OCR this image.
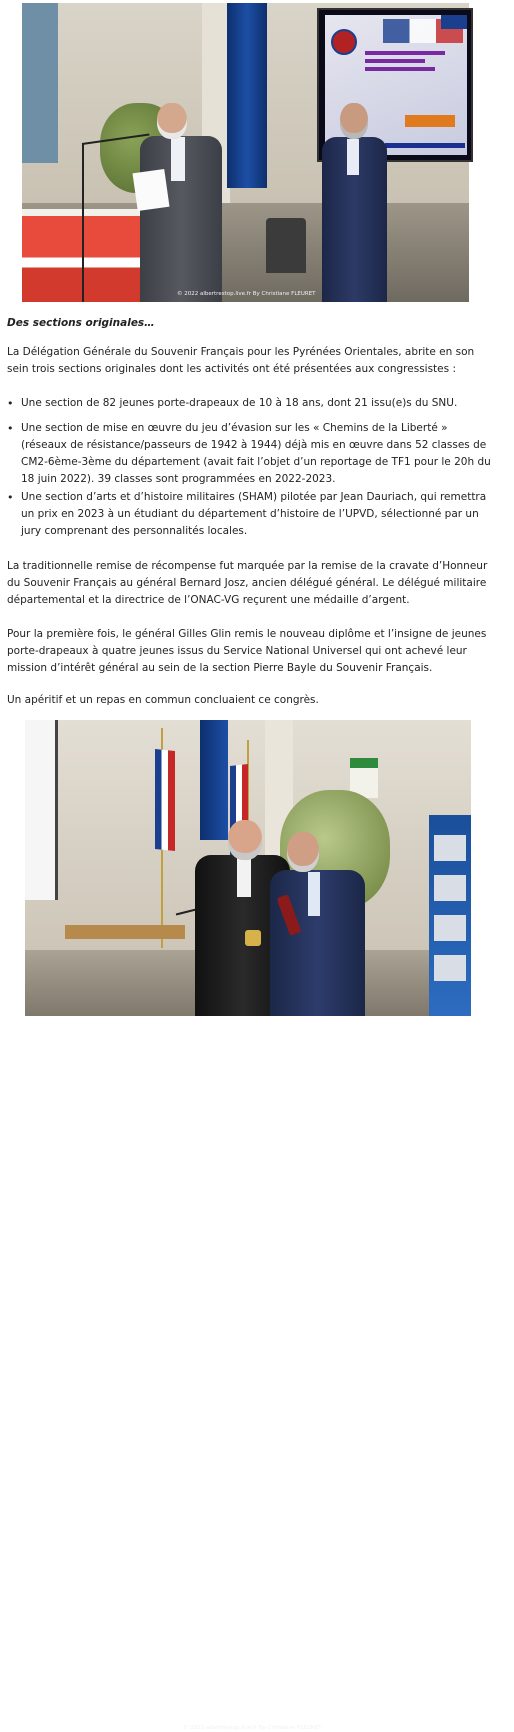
© 2022 albertrestop.live.fr By Christiane FLEURET
Des sections originales…

La Délégation Générale du Souvenir Français pour les Pyrénées Orientales, abrite en son sein trois sections originales dont les activités ont été présentées aux congressistes :

• Une section de 82 jeunes porte-drapeaux de 10 à 18 ans, dont 21 issu(e)s du SNU.
• Une section de mise en œuvre du jeu d’évasion sur les « Chemins de la Liberté » (réseaux de résistance/passeurs de 1942 à 1944) déjà mis en œuvre dans 52 classes de CM2-6ème-3ème du département (avait fait l’objet d’un reportage de TF1 pour le 20h du 18 juin 2022). 39 classes sont programmées en 2022-2023.
• Une section d’arts et d’histoire militaires (SHAM) pilotée par Jean Dauriach, qui remettra un prix en 2023 à un étudiant du département d’histoire de l’UPVD, sélectionné par un jury comprenant des personnalités locales.

La traditionnelle remise de récompense fut marquée par la remise de la cravate d’Honneur du Souvenir Français au général Bernard Josz, ancien délégué général. Le délégué militaire départemental et la directrice de l’ONAC-VG reçurent une médaille d’argent.

Pour la première fois, le général Gilles Glin remis le nouveau diplôme et l’insigne de jeunes porte-drapeaux à quatre jeunes issus du Service National Universel qui ont achevé leur mission d’intérêt général au sein de la section Pierre Bayle du Souvenir Français.

Un apéritif et un repas en commun concluaient ce congrès.

© 2022 albertrestop.live.fr By Christiane FLEURET
